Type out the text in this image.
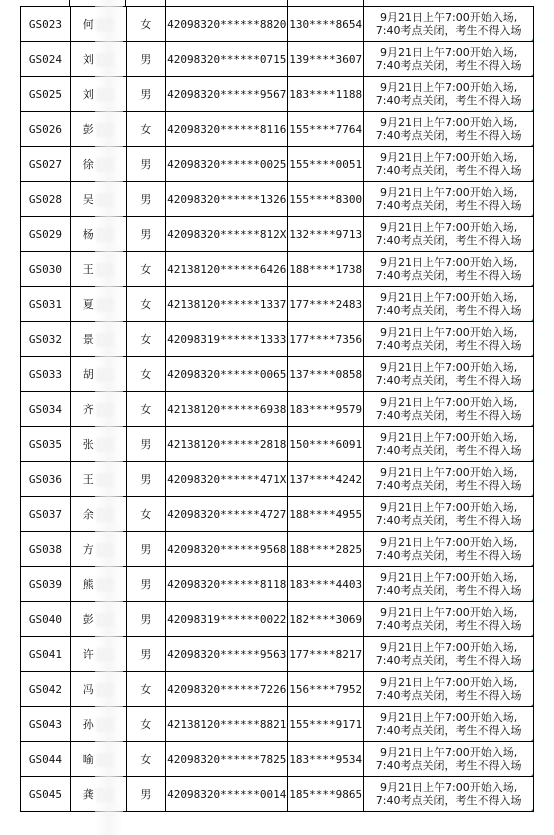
GS023	何	女	42098320******8820	130****8654	9月21日上午7:00开始入场,
7:40考点关闭，考生不得入场

GS024	刘	男	42098320******0715	139****3607	9月21日上午7:00开始入场,
7:40考点关闭，考生不得入场

GS025	刘	男	42098320******9567	183****1188	9月21日上午7:00开始入场,
7:40考点关闭，考生不得入场

GS026	彭	女	42098320******8116	155****7764	9月21日上午7:00开始入场,
7:40考点关闭，考生不得入场

GS027	徐	男	42098320******0025	155****0051	9月21日上午7:00开始入场,
7:40考点关闭，考生不得入场

GS028	吴	男	42098320******1326	155****8300	9月21日上午7:00开始入场,
7:40考点关闭，考生不得入场

GS029	杨	男	42098320******812X	132****9713	9月21日上午7:00开始入场,
7:40考点关闭，考生不得入场

GS030	王	女	42138120******6426	188****1738	9月21日上午7:00开始入场,
7:40考点关闭，考生不得入场

GS031	夏	女	42138120******1337	177****2483	9月21日上午7:00开始入场,
7:40考点关闭，考生不得入场

GS032	景	女	42098319******1333	177****7356	9月21日上午7:00开始入场,
7:40考点关闭，考生不得入场

GS033	胡	女	42098320******0065	137****0858	9月21日上午7:00开始入场,
7:40考点关闭，考生不得入场

GS034	齐	女	42138120******6938	183****9579	9月21日上午7:00开始入场,
7:40考点关闭，考生不得入场

GS035	张	男	42138120******2818	150****6091	9月21日上午7:00开始入场,
7:40考点关闭，考生不得入场

GS036	王	男	42098320******471X	137****4242	9月21日上午7:00开始入场,
7:40考点关闭，考生不得入场

GS037	余	女	42098320******4727	188****4955	9月21日上午7:00开始入场,
7:40考点关闭，考生不得入场

GS038	方	男	42098320******9568	188****2825	9月21日上午7:00开始入场,
7:40考点关闭，考生不得入场

GS039	熊	男	42098320******8118	183****4403	9月21日上午7:00开始入场,
7:40考点关闭，考生不得入场

GS040	彭	男	42098319******0022	182****3069	9月21日上午7:00开始入场,
7:40考点关闭，考生不得入场

GS041	许	男	42098320******9563	177****8217	9月21日上午7:00开始入场,
7:40考点关闭，考生不得入场

GS042	冯	女	42098320******7226	156****7952	9月21日上午7:00开始入场,
7:40考点关闭，考生不得入场

GS043	孙	女	42138120******8821	155****9171	9月21日上午7:00开始入场,
7:40考点关闭，考生不得入场

GS044	喻	女	42098320******7825	183****9534	9月21日上午7:00开始入场,
7:40考点关闭，考生不得入场

GS045	龚	男	42098320******0014	185****9865	9月21日上午7:00开始入场,
7:40考点关闭，考生不得入场
